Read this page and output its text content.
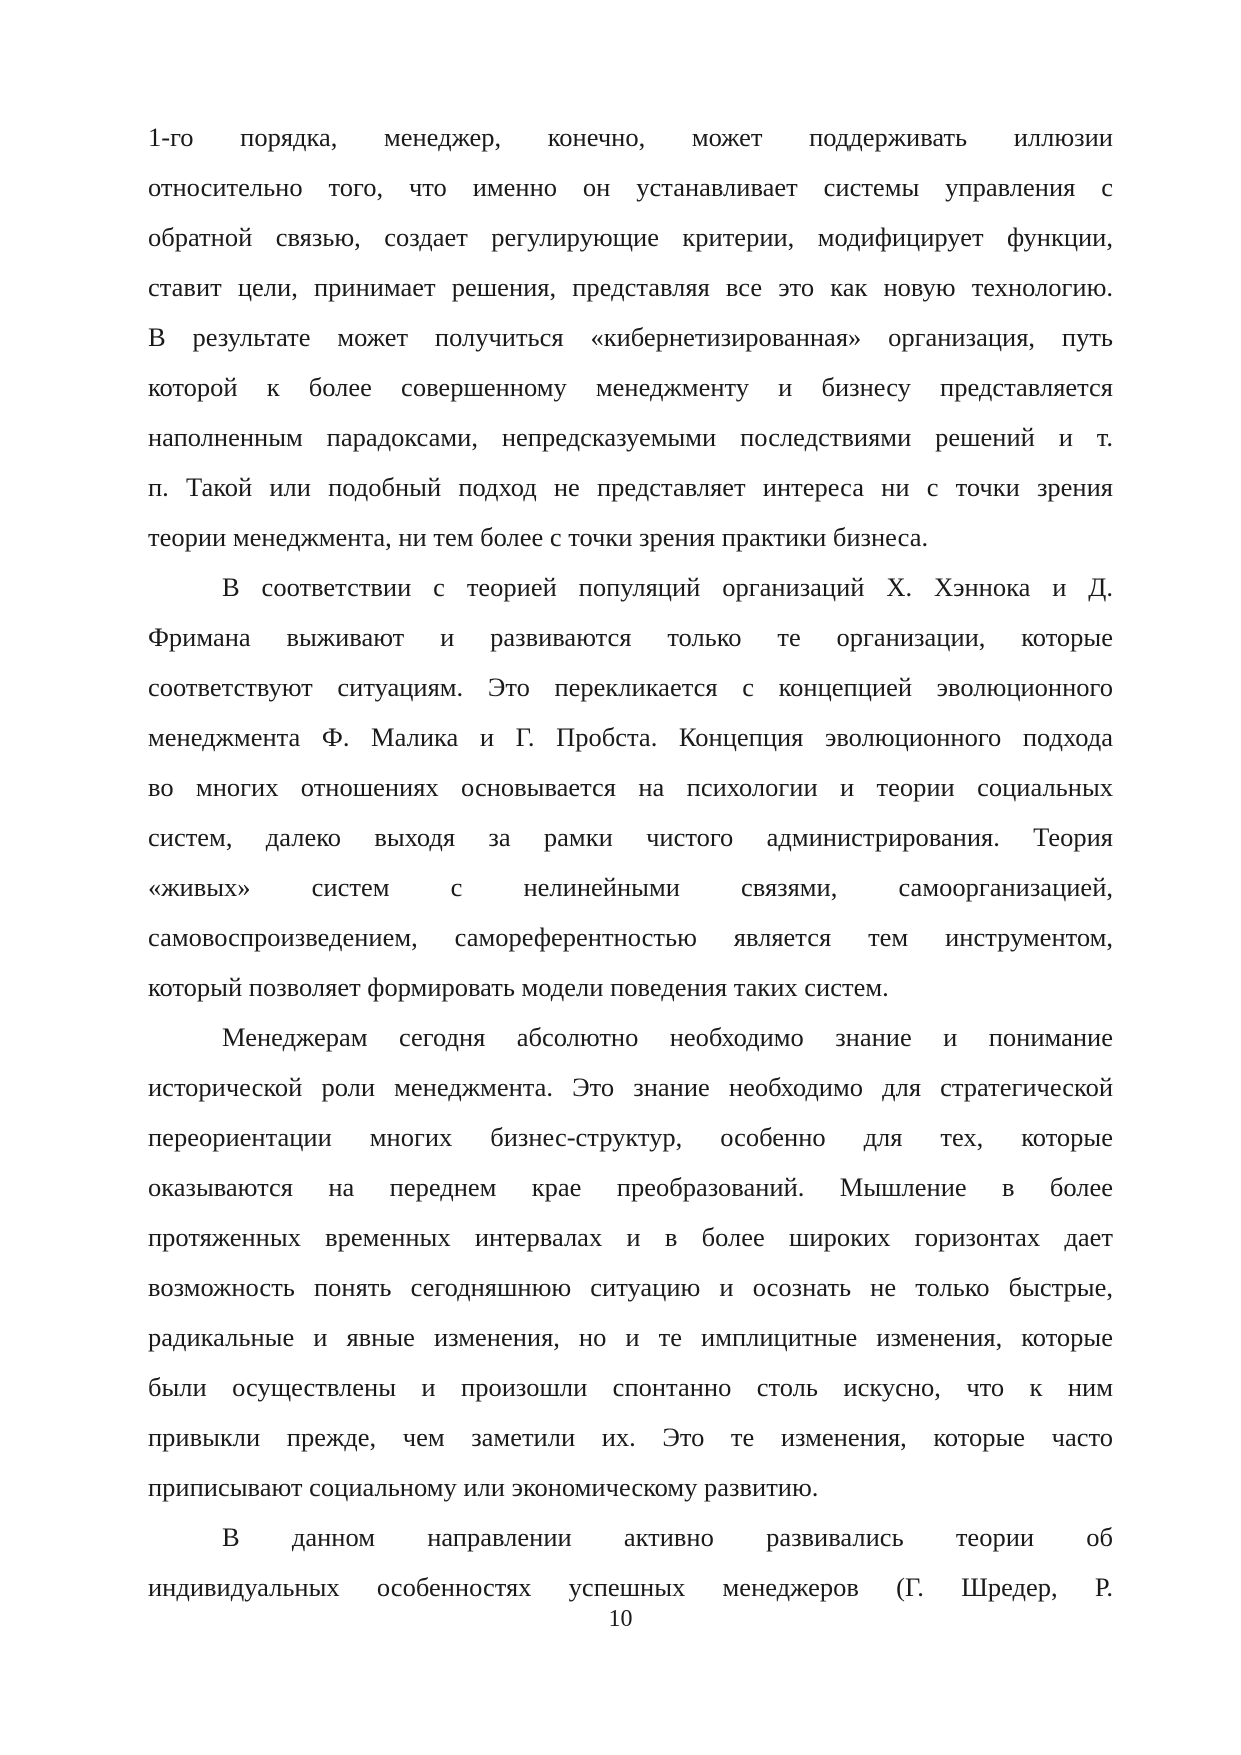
1-го порядка, менеджер, конечно, может поддерживать иллюзии
относительно того, что именно он устанавливает системы управления с
обратной связью, создает регулирующие критерии, модифицирует функции,
ставит цели, принимает решения, представляя все это как новую технологию.
В результате может получиться «кибернетизированная» организация, путь
которой к более совершенному менеджменту и бизнесу представляется
наполненным парадоксами, непредсказуемыми последствиями решений и т.
п. Такой или подобный подход не представляет интереса ни с точки зрения
теории менеджмента, ни тем более с точки зрения практики бизнеса.
В соответствии с теорией популяций организаций Х. Хэннока и Д.
Фримана выживают и развиваются только те организации, которые
соответствуют ситуациям. Это перекликается с концепцией эволюционного
менеджмента Ф. Малика и Г. Пробста. Концепция эволюционного подхода
во многих отношениях основывается на психологии и теории социальных
систем, далеко выходя за рамки чистого администрирования. Теория
«живых» систем с нелинейными связями, самоорганизацией,
самовоспроизведением, самореферентностью является тем инструментом,
который позволяет формировать модели поведения таких систем.
Менеджерам сегодня абсолютно необходимо знание и понимание
исторической роли менеджмента. Это знание необходимо для стратегической
переориентации многих бизнес-структур, особенно для тех, которые
оказываются на переднем крае преобразований. Мышление в более
протяженных временных интервалах и в более широких горизонтах дает
возможность понять сегодняшнюю ситуацию и осознать не только быстрые,
радикальные и явные изменения, но и те имплицитные изменения, которые
были осуществлены и произошли спонтанно столь искусно, что к ним
привыкли прежде, чем заметили их. Это те изменения, которые часто
приписывают социальному или экономическому развитию.
В данном направлении активно развивались теории об
индивидуальных особенностях успешных менеджеров (Г. Шредер, Р.
10
